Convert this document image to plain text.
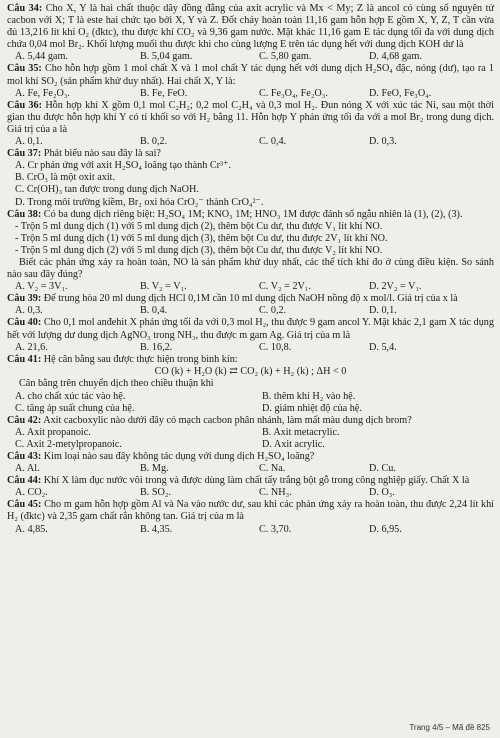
Câu 34: Cho X, Y là hai chất thuộc dãy đồng đẳng của axit acrylic và Mx < My; Z là ancol có cùng số nguyên tử cacbon với X; T là este hai chức tạo bởi X, Y và Z. Đốt cháy hoàn toàn 11,16 gam hỗn hợp E gồm X, Y, Z, T cần vừa đủ 13,216 lít khí O₂ (đktc), thu được khí CO₂ và 9,36 gam nước. Mặt khác 11,16 gam E tác dụng tối đa với dung dịch chứa 0,04 mol Br₂. Khối lượng muối thu được khi cho cùng lượng E trên tác dụng hết với dung dịch KOH dư là

A. 5,44 gam.	B. 5,04 gam.	C. 5,80 gam.	D. 4,68 gam.

Câu 35: Cho hỗn hợp gồm 1 mol chất X và 1 mol chất Y tác dụng hết với dung dịch H₂SO₄ đặc, nóng (dư), tạo ra 1 mol khí SO₂ (sản phẩm khử duy nhất). Hai chất X, Y là:

A. Fe, Fe₂O₃.	B. Fe, FeO.	C. Fe₃O₄, Fe₂O₃.	D. FeO, Fe₃O₄.

Câu 36: Hỗn hợp khí X gồm 0,1 mol C₂H₂; 0,2 mol C₂H₄ và 0,3 mol H₂. Đun nóng X với xúc tác Ni, sau một thời gian thu được hỗn hợp khí Y có tỉ khối so với H₂ bằng 11. Hỗn hợp Y phản ứng tối đa với a mol Br₂ trong dung dịch. Giá trị của a là

A. 0,1.	B. 0,2.	C. 0,4.	D. 0,3.

Câu 37: Phát biểu nào sau đây là sai?

A. Cr phản ứng với axit H₂SO₄ loãng tạo thành Cr³⁺.
B. CrO₃ là một oxit axit.
C. Cr(OH)₃ tan được trong dung dịch NaOH.
D. Trong môi trường kiềm, Br₂ oxi hóa CrO₂⁻ thành CrO₄²⁻.

Câu 38: Có ba dung dịch riêng biệt: H₂SO₄ 1M; KNO₃ 1M; HNO₃ 1M được đánh số ngẫu nhiên là (1), (2), (3).

- Trộn 5 ml dung dịch (1) với 5 ml dung dịch (2), thêm bột Cu dư, thu được V₁ lít khí NO.
- Trộn 5 ml dung dịch (1) với 5 ml dung dịch (3), thêm bột Cu dư, thu được 2V₁ lít khí NO.
- Trộn 5 ml dung dịch (2) với 5 ml dung dịch (3), thêm bột Cu dư, thu được V₂ lít khí NO.

Biết các phản ứng xảy ra hoàn toàn, NO là sản phẩm khử duy nhất, các thể tích khí đo ở cùng điều kiện. So sánh nào sau đây đúng?

A. V₂ = 3V₁.	B. V₂ = V₁.	C. V₂ = 2V₁.	D. 2V₂ = V₁.

Câu 39: Để trung hòa 20 ml dung dịch HCl 0,1M cần 10 ml dung dịch NaOH nồng độ x mol/l. Giá trị của x là

A. 0,3.	B. 0,4.	C. 0,2.	D. 0,1.

Câu 40: Cho 0,1 mol anđehit X phản ứng tối đa với 0,3 mol H₂, thu được 9 gam ancol Y. Mặt khác 2,1 gam X tác dụng hết với lượng dư dung dịch AgNO₃ trong NH₃, thu được m gam Ag. Giá trị của m là

A. 21,6.	B. 16,2.	C. 10,8.	D. 5,4.

Câu 41: Hệ cân bằng sau được thực hiện trong bình kín:

CO (k) + H₂O (k) ⇄ CO₂ (k) + H₂ (k) ; ΔH < 0

Cân bằng trên chuyển dịch theo chiều thuận khi

A. cho chất xúc tác vào hệ.	B. thêm khí H₂ vào hệ.
C. tăng áp suất chung của hệ.	D. giảm nhiệt độ của hệ.

Câu 42: Axit cacboxylic nào dưới đây có mạch cacbon phân nhánh, làm mất màu dung dịch brom?

A. Axit propanoic.	B. Axit metacrylic.
C. Axit 2-metylpropanoic.	D. Axit acrylic.

Câu 43: Kim loại nào sau đây không tác dụng với dung dịch H₂SO₄ loãng?

A. Al.	B. Mg.	C. Na.	D. Cu.

Câu 44: Khí X làm đục nước vôi trong và được dùng làm chất tẩy trắng bột gỗ trong công nghiệp giấy. Chất X là

A. CO₂.	B. SO₂.	C. NH₃.	D. O₃.

Câu 45: Cho m gam hỗn hợp gồm Al và Na vào nước dư, sau khi các phản ứng xảy ra hoàn toàn, thu được 2,24 lít khí H₂ (đktc) và 2,35 gam chất rắn không tan. Giá trị của m là

A. 4,85.	B. 4,35.	C. 3,70.	D. 6,95.
Trang 4/5 – Mã đề 825
